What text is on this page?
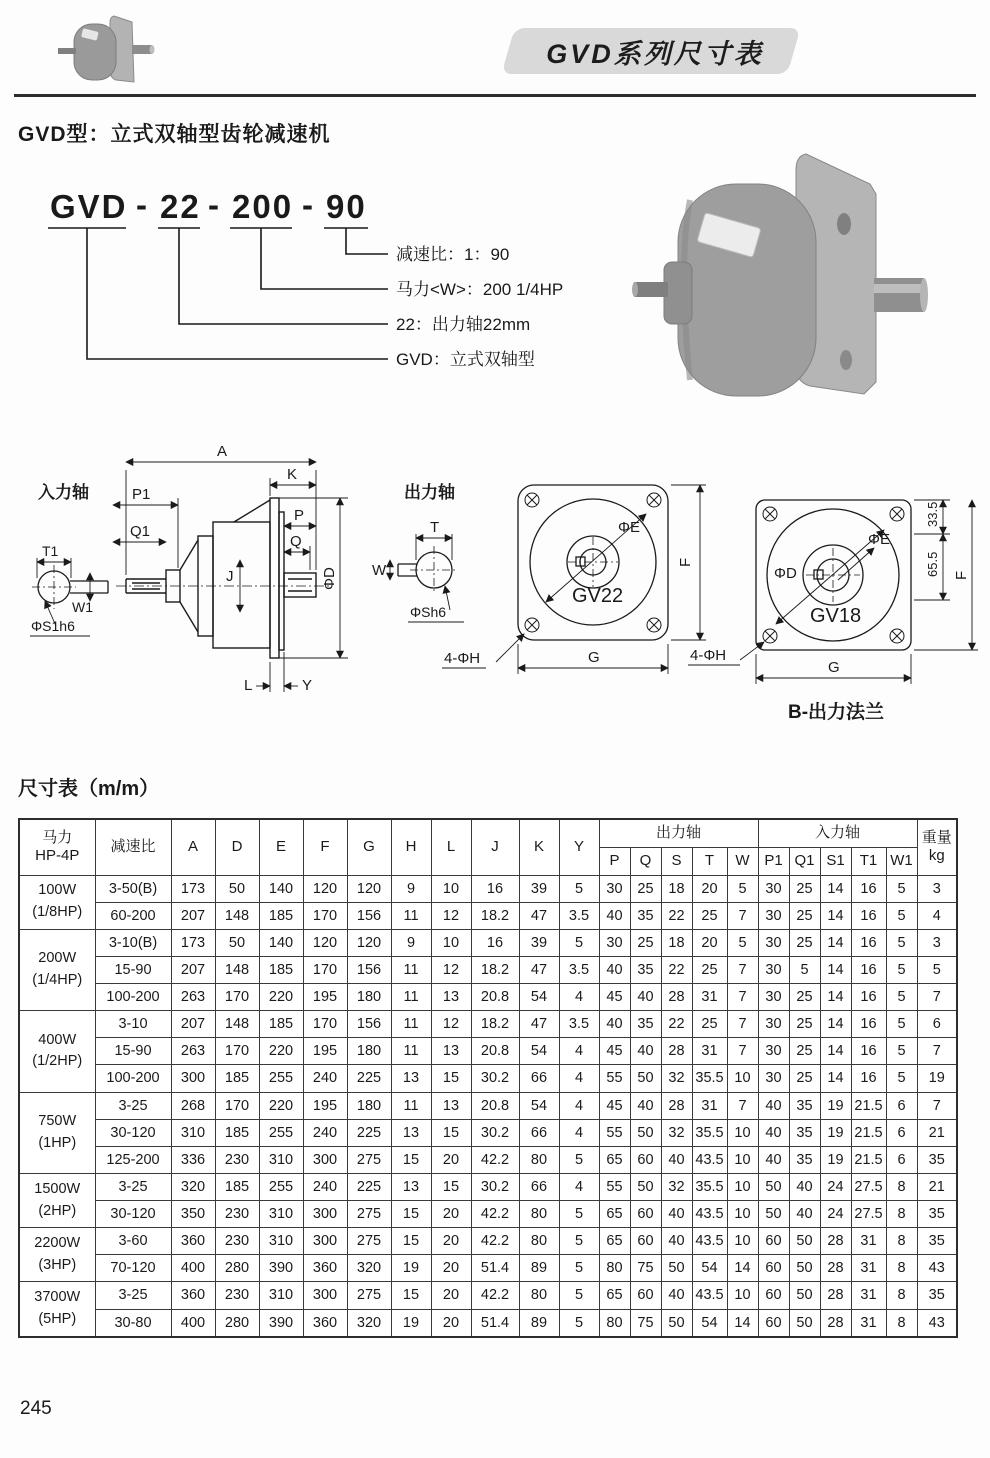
GVD系列尺寸表
GVD型：立式双轴型齿轮减速机
GVD - 22 - 200 - 90
减速比：1：90
马力<W>：200 1/4HP
22：出力轴22mm
GVD：立式双轴型
入力轴
T1
W1
ΦS1h6
A
K
P1
Q1
P
Q
J	ΦD
L	Y
出力轴
T
W
ΦSh6
4-ΦH
ΦE
GV22
F
G
ΦE
ΦD
GV18
33.5
65.5 F
G
4-ΦH
B-出力法兰
尺寸表（m/m）
马力
HP-4P
	减速比	A	D	E	F	G	H	L	J	K	Y	出力轴	入力轴	重量
kg

												P	Q	S	T	W	P1	Q1	S1	T1	W1	

100W
(1/8HP)	3-50(B)	173	50	140	120	120	9	10	16	39	5	30	25	18	20	5	30	25	14	16	5	3
	60-200	207	148	185	170	156	11	12	18.2	47	3.5	40	35	22	25	7	30	25	14	16	5	4

200W
(1/4HP)	3-10(B)	173	50	140	120	120	9	10	16	39	5	30	25	18	20	5	30	25	14	16	5	3
	15-90	207	148	185	170	156	11	12	18.2	47	3.5	40	35	22	25	7	30	5	14	16	5	5
	100-200	263	170	220	195	180	11	13	20.8	54	4	45	40	28	31	7	30	25	14	16	5	7

400W
(1/2HP)	3-10	207	148	185	170	156	11	12	18.2	47	3.5	40	35	22	25	7	30	25	14	16	5	6
	15-90	263	170	220	195	180	11	13	20.8	54	4	45	40	28	31	7	30	25	14	16	5	7
	100-200	300	185	255	240	225	13	15	30.2	66	4	55	50	32	35.5	10	30	25	14	16	5	19

750W
(1HP)	3-25	268	170	220	195	180	11	13	20.8	54	4	45	40	28	31	7	40	35	19	21.5	6	7
	30-120	310	185	255	240	225	13	15	30.2	66	4	55	50	32	35.5	10	40	35	19	21.5	6	21
	125-200	336	230	310	300	275	15	20	42.2	80	5	65	60	40	43.5	10	40	35	19	21.5	6	35

1500W
(2HP)	3-25	320	185	255	240	225	13	15	30.2	66	4	55	50	32	35.5	10	50	40	24	27.5	8	21
	30-120	350	230	310	300	275	15	20	42.2	80	5	65	60	40	43.5	10	50	40	24	27.5	8	35

2200W
(3HP)	3-60	360	230	310	300	275	15	20	42.2	80	5	65	60	40	43.5	10	60	50	28	31	8	35
	70-120	400	280	390	360	320	19	20	51.4	89	5	80	75	50	54	14	60	50	28	31	8	43

3700W
(5HP)	3-25	360	230	310	300	275	15	20	42.2	80	5	65	60	40	43.5	10	60	50	28	31	8	35
	30-80	400	280	390	360	320	19	20	51.4	89	5	80	75	50	54	14	60	50	28	31	8	43
245
